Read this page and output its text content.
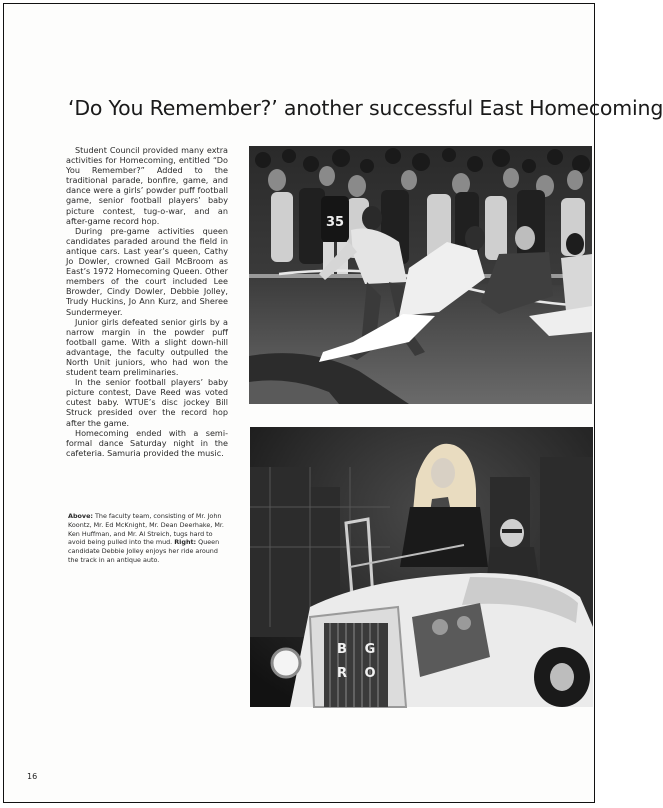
‘Do You Remember?’ another successful East Homecoming

Student Council provided many extra activities for Homecoming, entitled “Do You Remember?” Added to the traditional parade, bonfire, game, and dance were a girls’ powder puff football game, senior football players’ baby picture contest, tug-o-war, and an after-game record hop.

During pre-game activities queen candidates paraded around the field in antique cars. Last year’s queen, Cathy Jo Dowler, crowned Gail McBroom as East’s 1972 Homecoming Queen. Other members of the court included Lee Browder, Cindy Dowler, Debbie Jolley, Trudy Huckins, Jo Ann Kurz, and Sheree Sundermeyer.

Junior girls defeated senior girls by a narrow margin in the powder puff football game. With a slight down-hill advantage, the faculty outpulled the North Unit juniors, who had won the student team preliminaries.

In the senior football players’ baby picture contest, Dave Reed was voted cutest baby. WTUE’s disc jockey Bill Struck presided over the record hop after the game.

Homecoming ended with a semi-formal dance Saturday night in the cafeteria. Samuria provided the music.

Above: The faculty team, consisting of Mr. John Koontz, Mr. Ed McKnight, Mr. Dean Deerhake, Mr. Ken Huffman, and Mr. Al Streich, tugs hard to avoid being pulled into the mud. Right: Queen candidate Debbie Jolley enjoys her ride around the track in an antique auto.
35
B G
R O
16
